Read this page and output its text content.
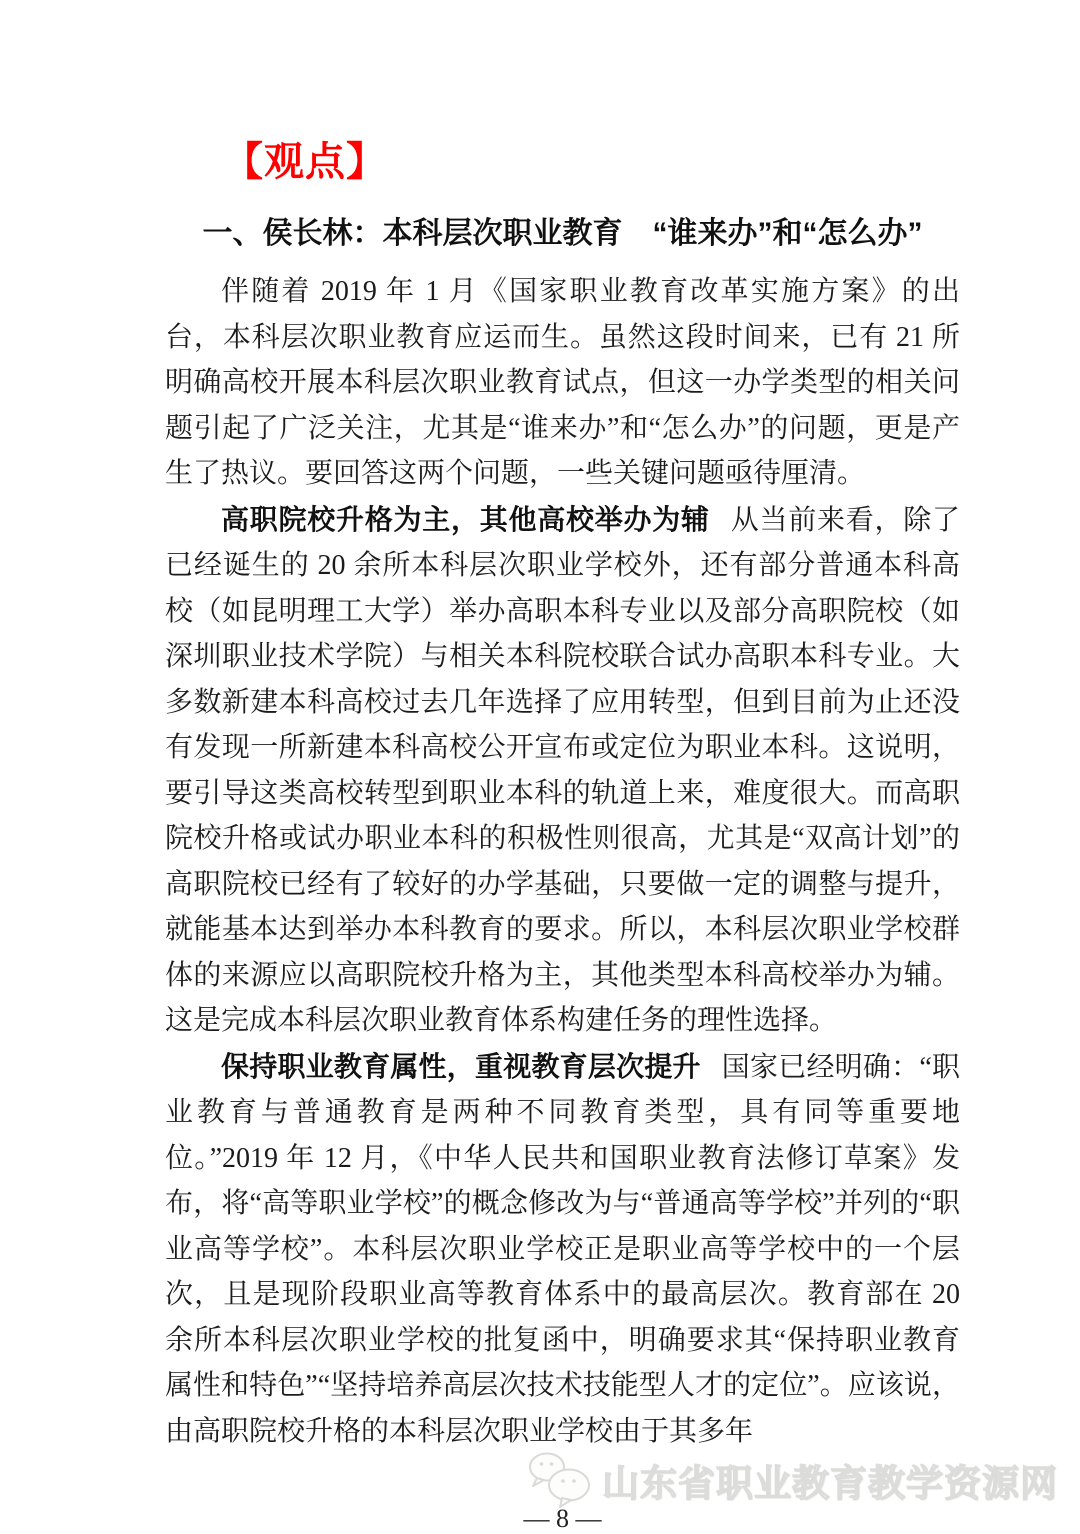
【观点】
一、侯长林：本科层次职业教育　“谁来办”和“怎么办”

伴随着 2019 年 1 月《国家职业教育改革实施方案》的出台，本科层次职业教育应运而生。虽然这段时间来，已有 21 所明确高校开展本科层次职业教育试点，但这一办学类型的相关问题引起了广泛关注，尤其是“谁来办”和“怎么办”的问题，更是产生了热议。要回答这两个问题，一些关键问题亟待厘清。

高职院校升格为主，其他高校举办为辅 从当前来看，除了已经诞生的 20 余所本科层次职业学校外，还有部分普通本科高校（如昆明理工大学）举办高职本科专业以及部分高职院校（如深圳职业技术学院）与相关本科院校联合试办高职本科专业。大多数新建本科高校过去几年选择了应用转型，但到目前为止还没有发现一所新建本科高校公开宣布或定位为职业本科。这说明，要引导这类高校转型到职业本科的轨道上来，难度很大。而高职院校升格或试办职业本科的积极性则很高，尤其是“双高计划”的高职院校已经有了较好的办学基础，只要做一定的调整与提升，就能基本达到举办本科教育的要求。所以，本科层次职业学校群体的来源应以高职院校升格为主，其他类型本科高校举办为辅。这是完成本科层次职业教育体系构建任务的理性选择。

保持职业教育属性，重视教育层次提升 国家已经明确：“职业教育与普通教育是两种不同教育类型，具有同等重要地位。”2019 年 12 月，《中华人民共和国职业教育法修订草案》发布，将“高等职业学校”的概念修改为与“普通高等学校”并列的“职业高等学校”。本科层次职业学校正是职业高等学校中的一个层次，且是现阶段职业高等教育体系中的最高层次。教育部在 20 余所本科层次职业学校的批复函中，明确要求其“保持职业教育属性和特色”“坚持培养高层次技术技能型人才的定位”。应该说，由高职院校升格的本科层次职业学校由于其多年

— 8 —
山东省职业教育教学资源网
